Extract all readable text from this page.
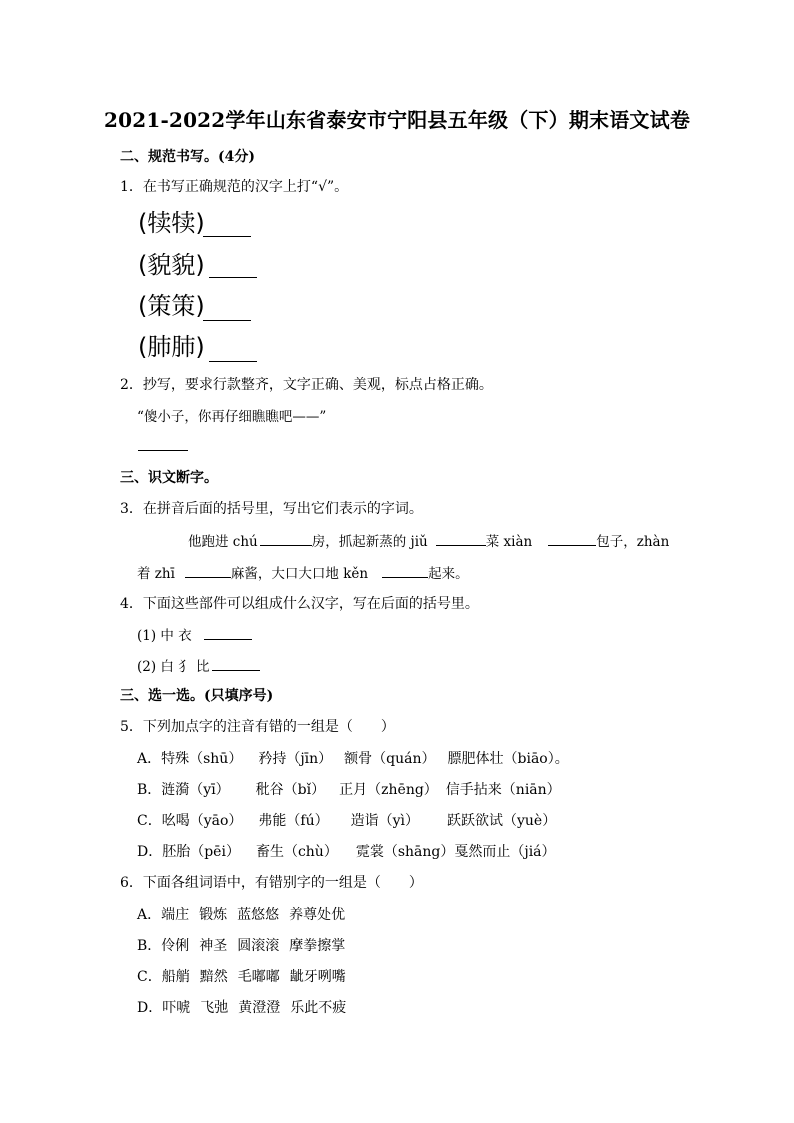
2021-2022学年山东省泰安市宁阳县五年级（下）期末语文试卷
二、规范书写。(4分)
1．在书写正确规范的汉字上打“√”。
(犊犊)
(貌貌)
(策策)
(肺肺)
2．抄写，要求行款整齐，文字正确、美观，标点占格正确。
“傻小子，你再仔细瞧瞧吧——”
三、识文断字。
3．在拼音后面的括号里，写出它们表示的字词。
他跑进 chú	房，抓起新蒸的 jiǔ	菜 xiàn	包子，zhàn
着 zhī	麻酱，大口大口地 kěn	起来。
4．下面这些部件可以组成什么汉字，写在后面的括号里。
(1) 中 衣
(2) 白 犭 比
三、选一选。(只填序号)
5．下列加点字的注音有错的一组是（　　）
A．特殊（shū） 矜持（jīn） 额骨（quán） 膘肥体壮（biāo）。
B．涟漪（yī） 秕谷（bǐ） 正月（zhēng） 信手拈来（niān）
C．吆喝（yāo） 弗能（fú） 造诣（yì） 跃跃欲试（yuè）
D．胚胎（pēi） 畜生（chù） 霓裳（shāng）戛然而止（jiá）
6．下面各组词语中，有错别字的一组是（　　）
A．端庄 锻炼 蓝悠悠 养尊处优
B．伶俐 神圣 圆滚滚 摩拳擦掌
C．船艄 黯然 毛嘟嘟 龇牙咧嘴
D．吓唬 飞弛 黄澄澄 乐此不疲
